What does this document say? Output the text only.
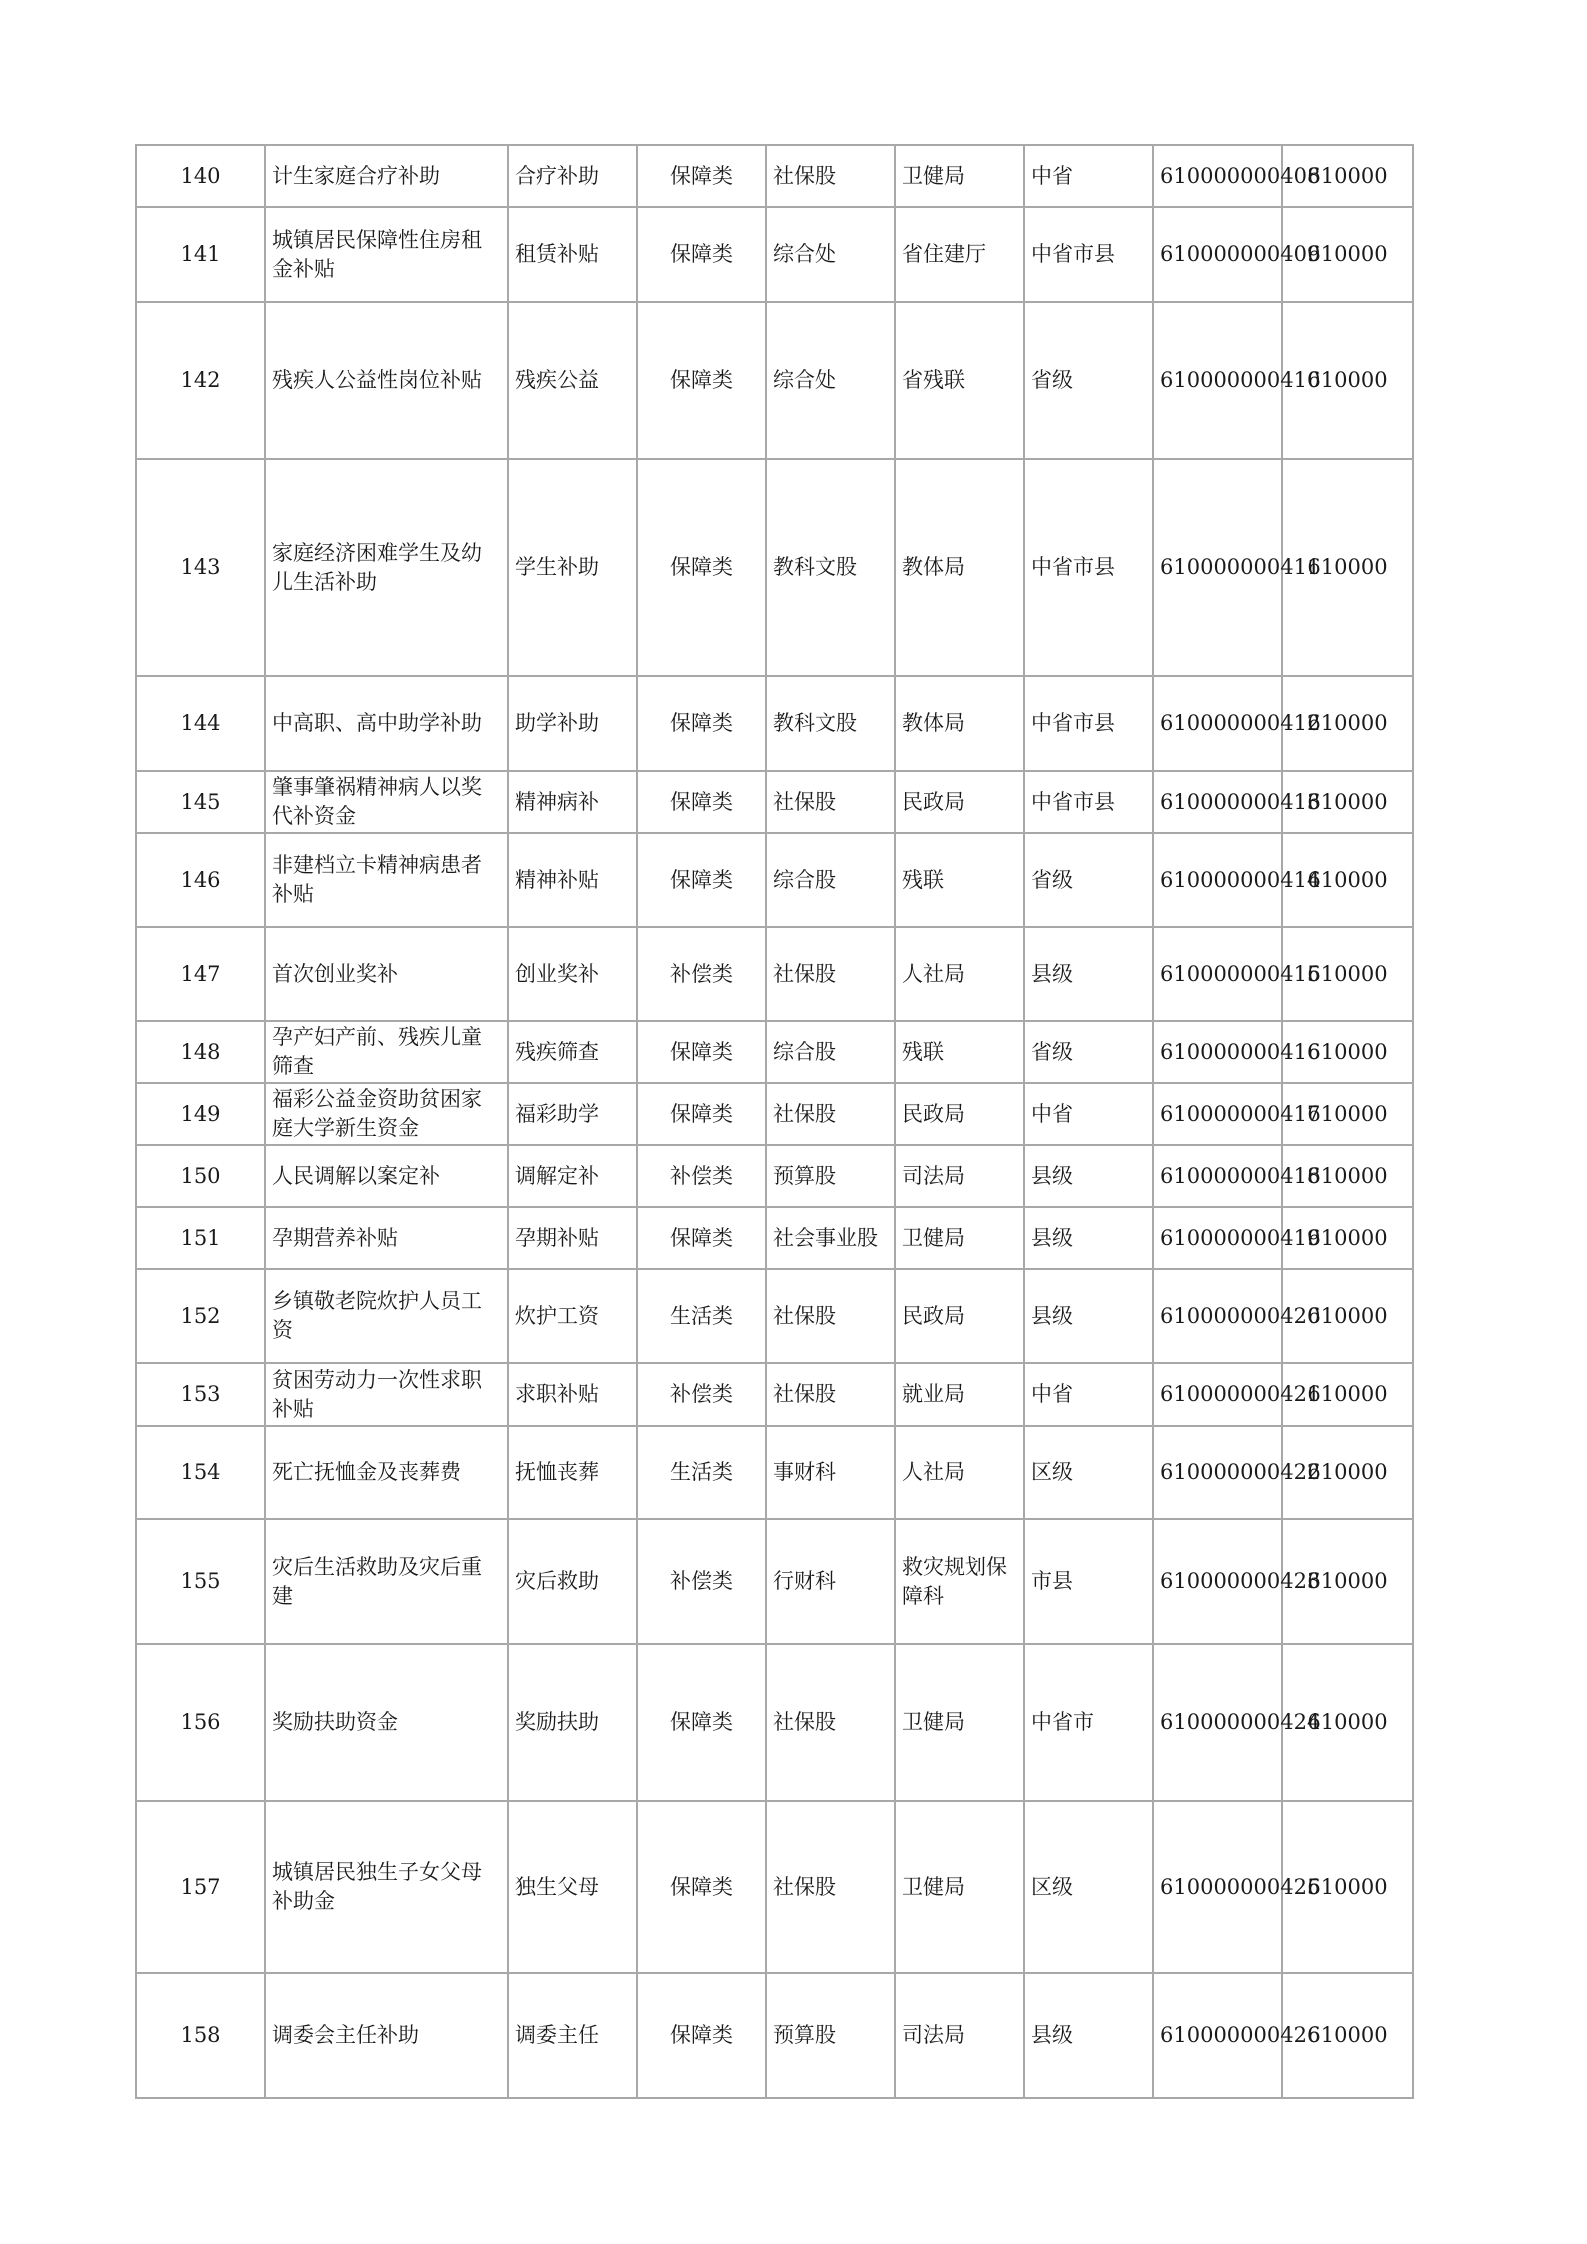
140	计生家庭合疗补助	合疗补助	保障类	社保股	卫健局	中省	610000000408	610000
141	城镇居民保障性住房租金补贴	租赁补贴	保障类	综合处	省住建厅	中省市县	610000000409	610000
142	残疾人公益性岗位补贴	残疾公益	保障类	综合处	省残联	省级	610000000410	610000
143	家庭经济困难学生及幼儿生活补助	学生补助	保障类	教科文股	教体局	中省市县	610000000411	610000
144	中高职、高中助学补助	助学补助	保障类	教科文股	教体局	中省市县	610000000412	610000
145	肇事肇祸精神病人以奖代补资金	精神病补	保障类	社保股	民政局	中省市县	610000000413	610000
146	非建档立卡精神病患者补贴	精神补贴	保障类	综合股	残联	省级	610000000414	610000
147	首次创业奖补	创业奖补	补偿类	社保股	人社局	县级	610000000415	610000
148	孕产妇产前、残疾儿童筛查	残疾筛查	保障类	综合股	残联	省级	610000000416	610000
149	福彩公益金资助贫困家庭大学新生资金	福彩助学	保障类	社保股	民政局	中省	610000000417	610000
150	人民调解以案定补	调解定补	补偿类	预算股	司法局	县级	610000000418	610000
151	孕期营养补贴	孕期补贴	保障类	社会事业股	卫健局	县级	610000000419	610000
152	乡镇敬老院炊护人员工资	炊护工资	生活类	社保股	民政局	县级	610000000420	610000
153	贫困劳动力一次性求职补贴	求职补贴	补偿类	社保股	就业局	中省	610000000421	610000
154	死亡抚恤金及丧葬费	抚恤丧葬	生活类	事财科	人社局	区级	610000000422	610000
155	灾后生活救助及灾后重建	灾后救助	补偿类	行财科	救灾规划保障科	市县	610000000423	610000
156	奖励扶助资金	奖励扶助	保障类	社保股	卫健局	中省市	610000000424	610000
157	城镇居民独生子女父母补助金	独生父母	保障类	社保股	卫健局	区级	610000000425	610000
158	调委会主任补助	调委主任	保障类	预算股	司法局	县级	610000000426	610000
